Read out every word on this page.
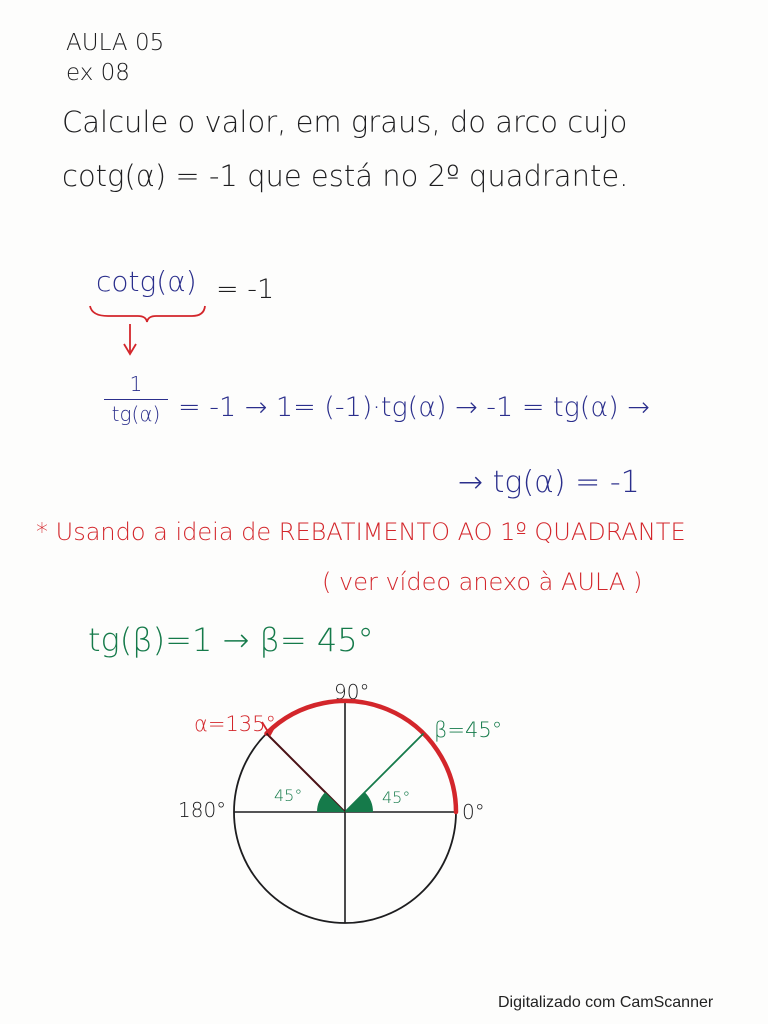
AULA 05
ex 08
Calcule o valor, em graus, do arco cujo
cotg(α) = -1 que está no 2º quadrante.
cotg(α) = -1
1
tg(α) = -1 → 1= (-1)·tg(α) → -1 = tg(α) →
→ tg(α) = -1
* Usando a ideia de REBATIMENTO AO 1º QUADRANTE
( ver vídeo anexo à AULA )
tg(β)=1 → β= 45°
90°
0°
180°
α=135°	β=45°
45°	45°
Digitalizado com CamScanner
